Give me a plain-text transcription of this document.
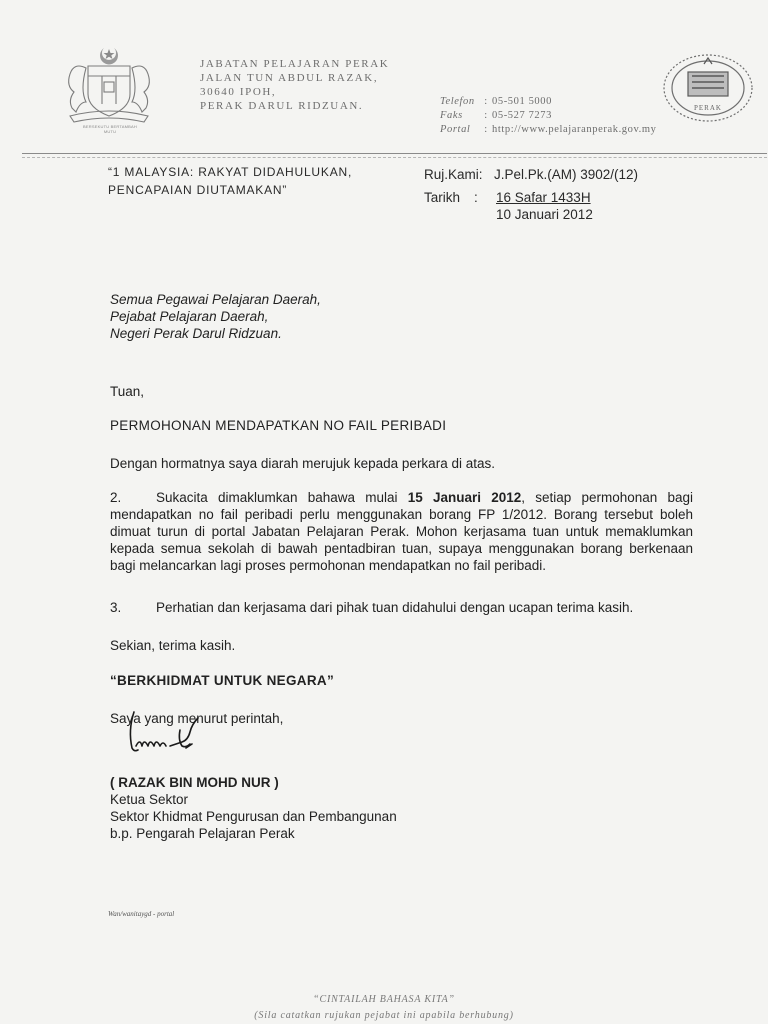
BERSEKUTU BERTAMBAH MUTU
JABATAN PELAJARAN PERAK
JALAN TUN ABDUL RAZAK,
30640 IPOH,
PERAK DARUL RIDZUAN.	Telefon : 05-501 5000
Faks : 05-527 7273
Portal : http://www.pelajaranperak.gov.my
PERAK
“1 MALAYSIA: RAKYAT DIDAHULUKAN,
PENCAPAIAN DIUTAMAKAN”
Ruj.Kami: J.Pel.Pk.(AM) 3902/(12)
Tarikh : 16 Safar 1433H
10 Januari 2012
Semua Pegawai Pelajaran Daerah,
Pejabat Pelajaran Daerah,
Negeri Perak Darul Ridzuan.
Tuan,
PERMOHONAN MENDAPATKAN NO FAIL PERIBADI
Dengan hormatnya saya diarah merujuk kepada perkara di atas.
2.	Sukacita dimaklumkan bahawa mulai 15 Januari 2012, setiap permohonan bagi mendapatkan no fail peribadi perlu menggunakan borang FP 1/2012. Borang tersebut boleh dimuat turun di portal Jabatan Pelajaran Perak. Mohon kerjasama tuan untuk memaklumkan kepada semua sekolah di bawah pentadbiran tuan, supaya menggunakan borang berkenaan bagi melancarkan lagi proses permohonan mendapatkan no fail peribadi.
3.	Perhatian dan kerjasama dari pihak tuan didahului dengan ucapan terima kasih.
Sekian, terima kasih.
“BERKHIDMAT UNTUK NEGARA”
Saya yang menurut perintah,
( RAZAK BIN MOHD NUR )
Ketua Sektor
Sektor Khidmat Pengurusan dan Pembangunan
b.p. Pengarah Pelajaran Perak
Wan/wanitaygd - portal
“CINTAILAH BAHASA KITA”
(Sila catatkan rujukan pejabat ini apabila berhubung)
